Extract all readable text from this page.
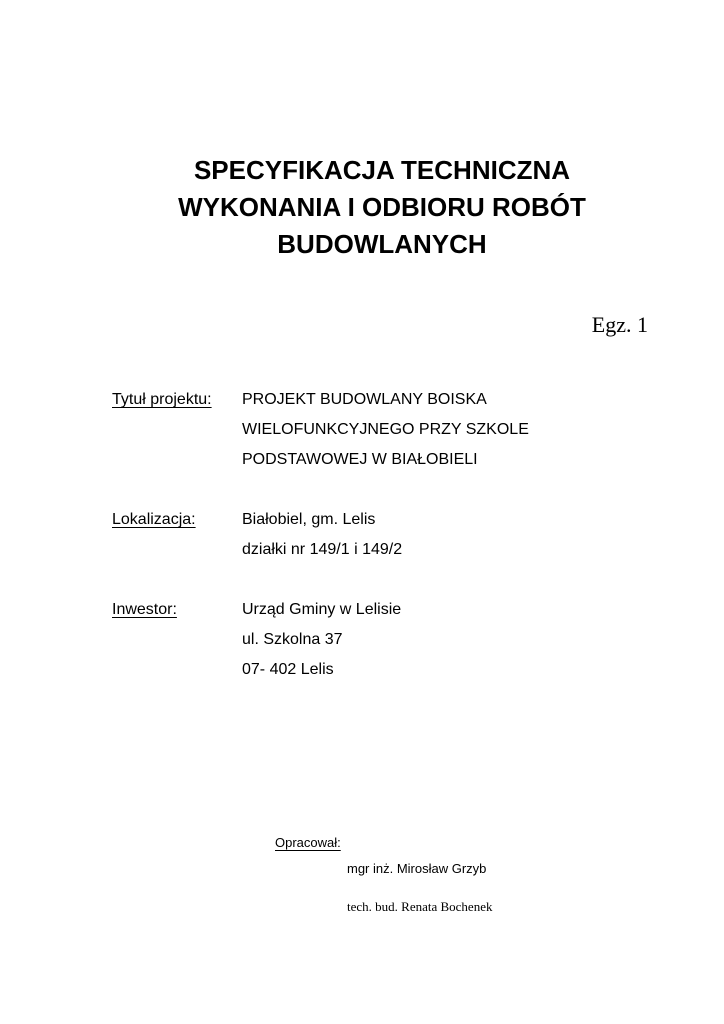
SPECYFIKACJA TECHNICZNA
WYKONANIA I ODBIORU ROBÓT
BUDOWLANYCH
Egz. 1
Tytuł projektu: PROJEKT BUDOWLANY BOISKA
WIELOFUNKCYJNEGO PRZY SZKOLE
PODSTAWOWEJ W BIAŁOBIELI
Lokalizacja:	Białobiel, gm. Lelis
działki nr 149/1 i 149/2
Inwestor:	Urząd Gminy w Lelisie
ul. Szkolna 37
07- 402 Lelis
Opracował:
mgr inż. Mirosław Grzyb
tech. bud. Renata Bochenek
